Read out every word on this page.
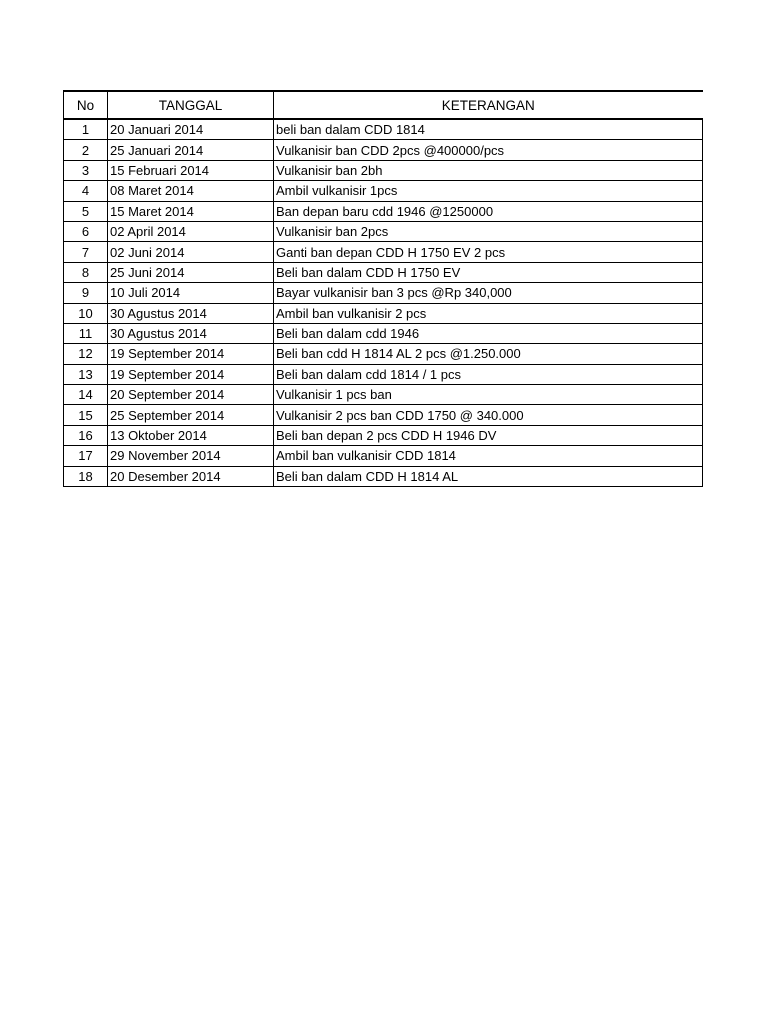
No	TANGGAL	KETERANGAN
1	20 Januari 2014	beli ban dalam CDD 1814
2	25 Januari 2014	Vulkanisir ban CDD 2pcs @400000/pcs
3	15 Februari 2014	Vulkanisir ban 2bh
4	08 Maret 2014	Ambil vulkanisir 1pcs
5	15 Maret 2014	Ban depan baru cdd 1946 @1250000
6	02 April 2014	Vulkanisir ban 2pcs
7	02 Juni 2014	Ganti ban depan CDD H 1750 EV 2 pcs
8	25 Juni 2014	Beli ban dalam CDD H 1750 EV
9	10 Juli 2014	Bayar vulkanisir ban 3 pcs @Rp 340,000
10	30 Agustus 2014	Ambil ban vulkanisir 2 pcs
11	30 Agustus 2014	Beli ban dalam cdd 1946
12	19 September 2014	Beli ban cdd H 1814 AL 2 pcs @1.250.000
13	19 September 2014	Beli ban dalam cdd 1814 / 1 pcs
14	20 September 2014	Vulkanisir 1 pcs ban
15	25 September 2014	Vulkanisir 2 pcs ban CDD 1750 @ 340.000
16	13 Oktober 2014	Beli ban depan 2 pcs CDD H 1946 DV
17	29 November 2014	Ambil ban vulkanisir CDD 1814
18	20 Desember 2014	Beli ban dalam CDD H 1814 AL
